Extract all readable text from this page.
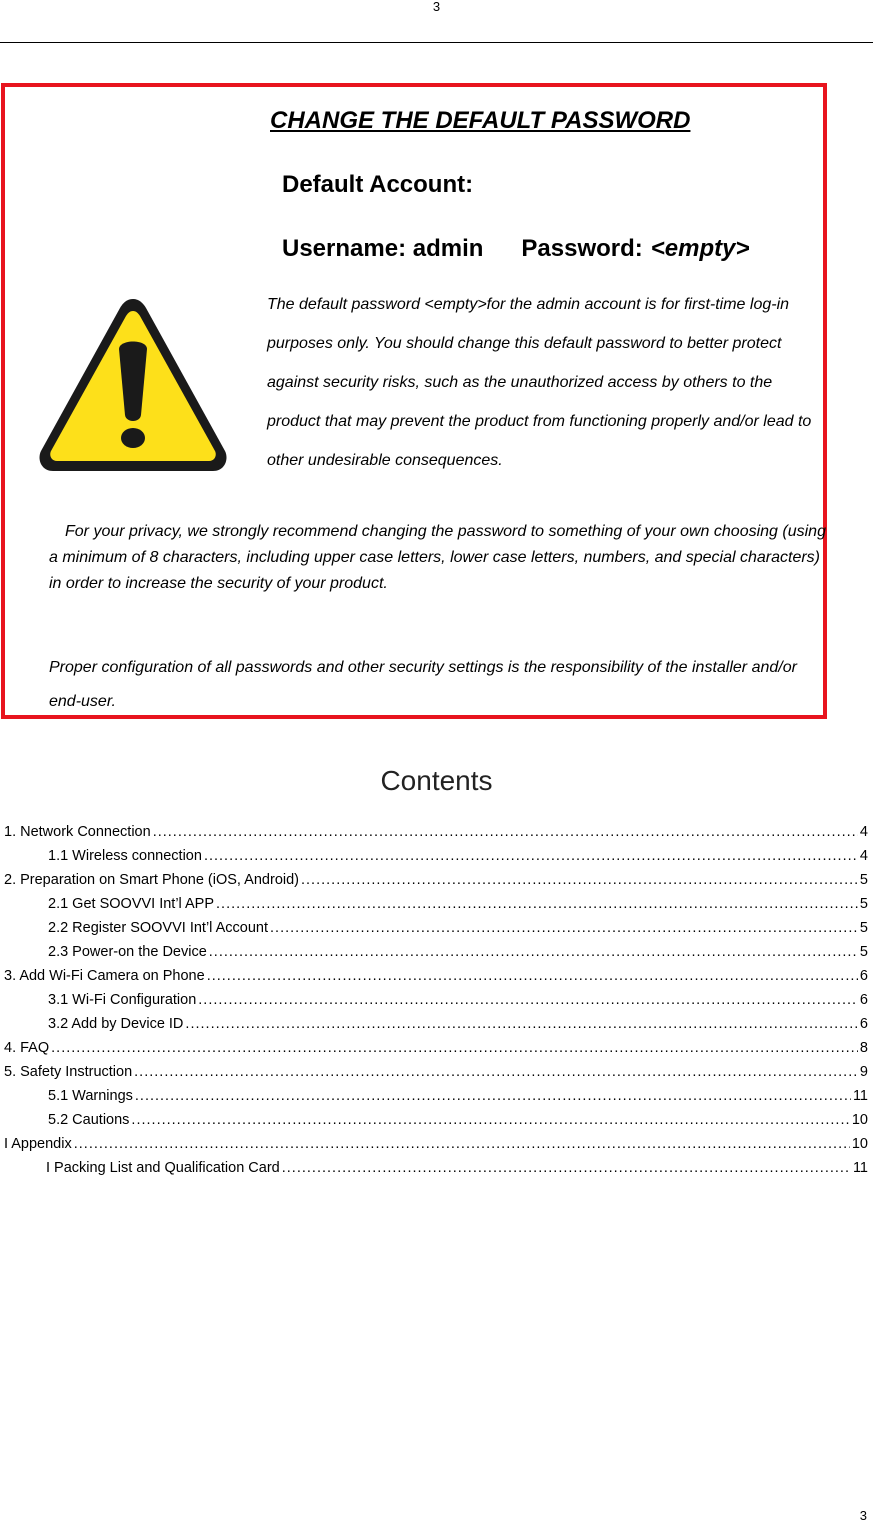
3
CHANGE THE DEFAULT PASSWORD
Default Account:
Username: admin Password: <empty>
The default password <empty>for the admin account is for first-time log-in purposes only. You should change this default password to better protect against security risks, such as the unauthorized access by others to the product that may prevent the product from functioning properly and/or lead to other undesirable consequences.
For your privacy, we strongly recommend changing the password to something of your own choosing (using a minimum of 8 characters, including upper case letters, lower case letters, numbers, and special characters) in order to increase the security of your product.
Proper configuration of all passwords and other security settings is the responsibility of the installer and/or end-user.
Contents
1. Network Connection .....	4
1.1 Wireless connection .....	4
2. Preparation on Smart Phone (iOS, Android) .....	5
2.1 Get SOOVVI Int’l APP .....	5
2.2 Register SOOVVI Int’l Account .....	5
2.3 Power-on the Device .....	5
3. Add Wi-Fi Camera on Phone .....	6
3.1 Wi-Fi Configuration .....	6
3.2 Add by Device ID .....	6
4. FAQ .....	8
5. Safety Instruction .....	9
5.1 Warnings .....	11
5.2 Cautions .....	10
I Appendix .....	10
I Packing List and Qualification Card .....	11
3
